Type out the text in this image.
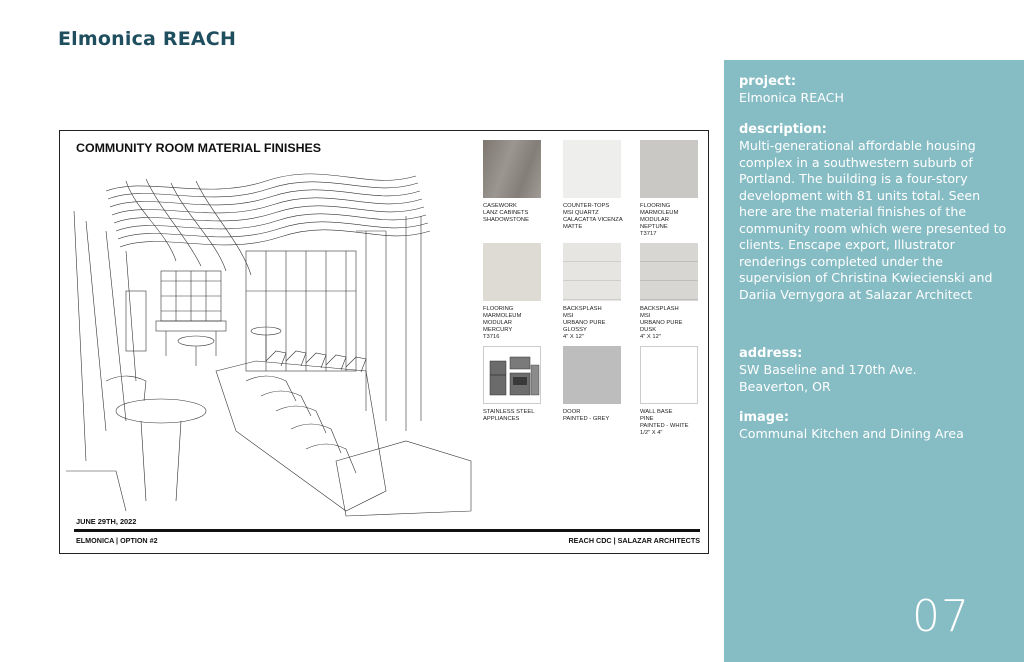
Elmonica REACH
COMMUNITY ROOM MATERIAL FINISHES
CASEWORK
LANZ CABINETS
SHADOWSTONE
COUNTER-TOPS
MSI QUARTZ
CALACATTA VICENZA
MATTE
FLOORING
MARMOLEUM
MODULAR
NEPTUNE
T3717
FLOORING
MARMOLEUM
MODULAR
MERCURY
T3716
BACKSPLASH
MSI
URBANO PURE
GLOSSY
4" X 12"
BACKSPLASH
MSI
URBANO PURE
DUSK
4" X 12"
STAINLESS STEEL
APPLIANCES
DOOR
PAINTED - GREY
WALL BASE
PINE
PAINTED - WHITE
1/2" X 4"
JUNE 29TH, 2022
ELMONICA | OPTION #2	REACH CDC | SALAZAR ARCHITECTS
project:
Elmonica REACH
description:
Multi-generational affordable housing complex in a southwestern suburb of Portland. The building is a four-story development with 81 units total. Seen here are the material finishes of the community room which were presented to clients. Enscape export, Illustrator renderings completed under the supervision of Christina Kwiecienski and Dariia Vernygora at Salazar Architect
address:
SW Baseline and 170th Ave. Beaverton, OR
image:
Communal Kitchen and Dining Area
07
